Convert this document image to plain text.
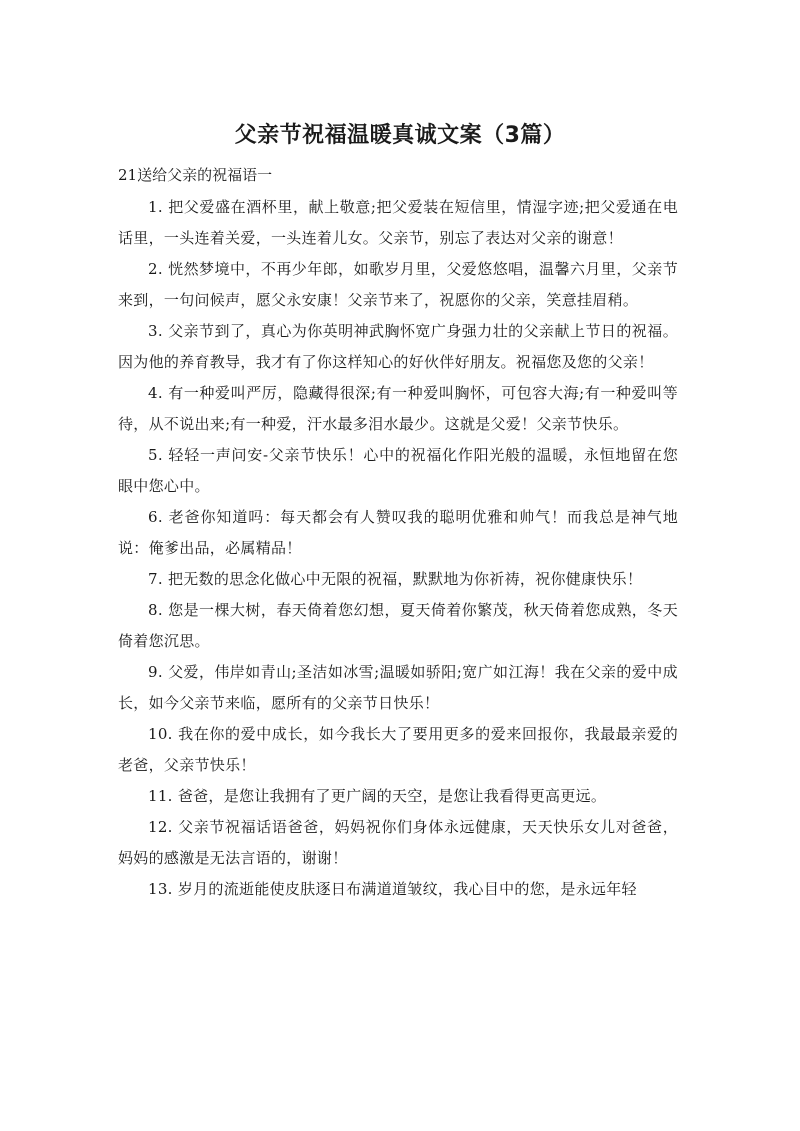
父亲节祝福温暖真诚文案（3篇）
21送给父亲的祝福语一

1. 把父爱盛在酒杯里，献上敬意;把父爱装在短信里，情湿字迹;把父爱通在电话里，一头连着关爱，一头连着儿女。父亲节，别忘了表达对父亲的谢意！

2. 恍然梦境中，不再少年郎，如歌岁月里，父爱悠悠唱，温馨六月里，父亲节来到，一句问候声，愿父永安康！父亲节来了，祝愿你的父亲，笑意挂眉稍。

3. 父亲节到了，真心为你英明神武胸怀宽广身强力壮的父亲献上节日的祝福。因为他的养育教导，我才有了你这样知心的好伙伴好朋友。祝福您及您的父亲！

4. 有一种爱叫严厉，隐藏得很深;有一种爱叫胸怀，可包容大海;有一种爱叫等待，从不说出来;有一种爱，汗水最多泪水最少。这就是父爱！父亲节快乐。

5. 轻轻一声问安-父亲节快乐！心中的祝福化作阳光般的温暖，永恒地留在您眼中您心中。

6. 老爸你知道吗：每天都会有人赞叹我的聪明优雅和帅气！而我总是神气地说：俺爹出品，必属精品！

7. 把无数的思念化做心中无限的祝福，默默地为你祈祷，祝你健康快乐！

8. 您是一棵大树，春天倚着您幻想，夏天倚着你繁茂，秋天倚着您成熟，冬天倚着您沉思。

9. 父爱，伟岸如青山;圣洁如冰雪;温暖如骄阳;宽广如江海！我在父亲的爱中成长，如今父亲节来临，愿所有的父亲节日快乐！

10. 我在你的爱中成长，如今我长大了要用更多的爱来回报你，我最最亲爱的老爸，父亲节快乐！

11. 爸爸，是您让我拥有了更广阔的天空，是您让我看得更高更远。

12. 父亲节祝福话语爸爸，妈妈祝你们身体永远健康，天天快乐女儿对爸爸，妈妈的感激是无法言语的，谢谢！

13. 岁月的流逝能使皮肤逐日布满道道皱纹，我心目中的您，是永远年轻
